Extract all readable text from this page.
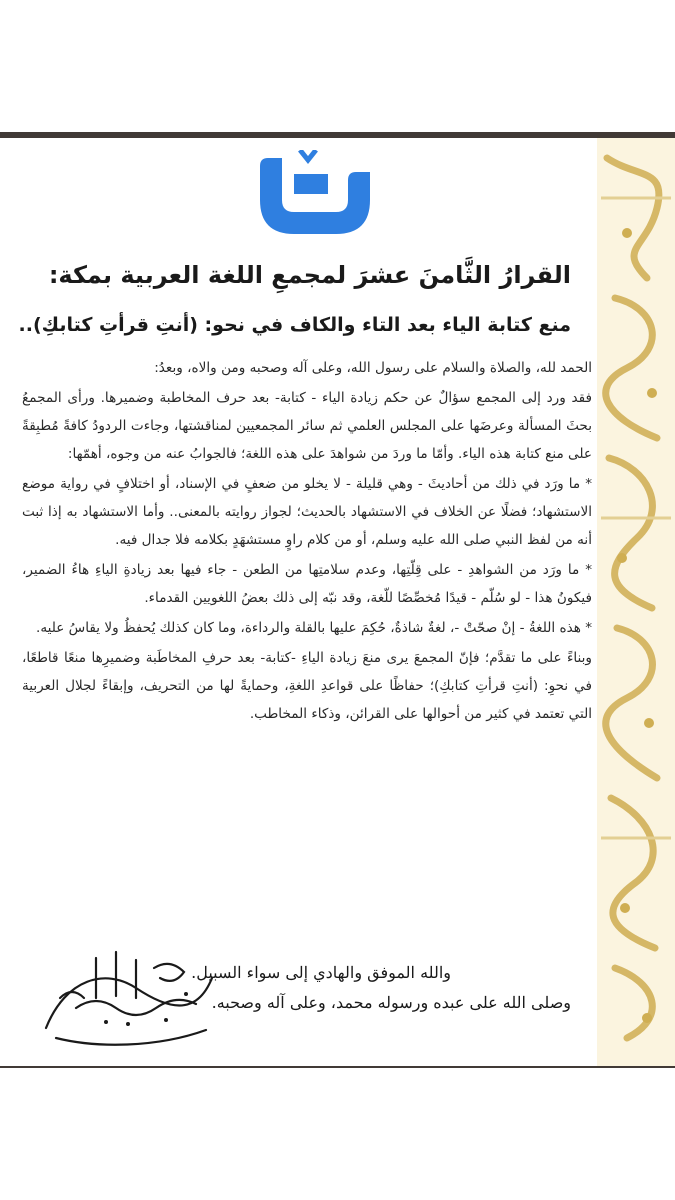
القرارُ الثَّامنَ عشرَ لمجمعِ اللغة العربية بمكة:
منع كتابة الياء بعد التاء والكاف في نحو: (أنتِ قرأتِ كتابكِ)..

الحمد لله، والصلاة والسلام على رسول الله، وعلى آله وصحبه ومن والاه، وبعدُ:

فقد ورد إلى المجمع سؤالٌ عن حكم زيادة الياء - كتابة- بعد حرف المخاطبة وضميرها. ورأى المجمعُ بحثَ المسألة وعرضَها على المجلس العلمي ثم سائر المجمعيين لمناقشتها، وجاءت الردودُ كافةً مُطبِقةً على منع كتابة هذه الياء. وأمّا ما وردَ من شواهدَ على هذه اللغة؛ فالجوابُ عنه من وجوه، أهمّها:

* ما ورَد في ذلك من أحاديثَ - وهي قليلة - لا يخلو من ضعفٍ في الإسناد، أو اختلافٍ في رواية موضع الاستشهاد؛ فضلًا عن الخلاف في الاستشهاد بالحديث؛ لجواز روايته بالمعنى.. وأما الاستشهاد به إذا ثبت أنه من لفظ النبي صلى الله عليه وسلم، أو من كلام راوٍ مستشهَدٍ بكلامه فلا جدال فيه.

* ما ورَد من الشواهدِ - على قِلّتِها، وعدم سلامتِها من الطعن - جاء فيها بعد زيادةِ الياءِ هاءُ الضمير، فيكونُ هذا - لو سُلّم - قيدًا مُخصِّصًا للّغة، وقد نبّه إلى ذلك بعضُ اللغويين القدماء.

* هذه اللغةُ - إنْ صحّتْ -، لغةٌ شاذةٌ، حُكِمَ عليها بالقلة والرداءة، وما كان كذلك يُحفظُ ولا يقاسُ عليه.

وبناءً على ما تقدَّم؛ فإنّ المجمعَ يرى منعَ زيادة الياءِ -كتابة- بعد حرفِ المخاطَبة وضميرِها منعًا قاطعًا، في نحوِ: (أنتِ قرأتِ كتابكِ)؛ حفاظًا على قواعدِ اللغةِ، وحمايةً لها من التحريف، وإبقاءً لجلال العربية التي تعتمد في كثير من أحوالها على القرائن، وذكاء المخاطب.

والله الموفق والهادي إلى سواء السبيل.
وصلى الله على عبده ورسوله محمد، وعلى آله وصحبه.
